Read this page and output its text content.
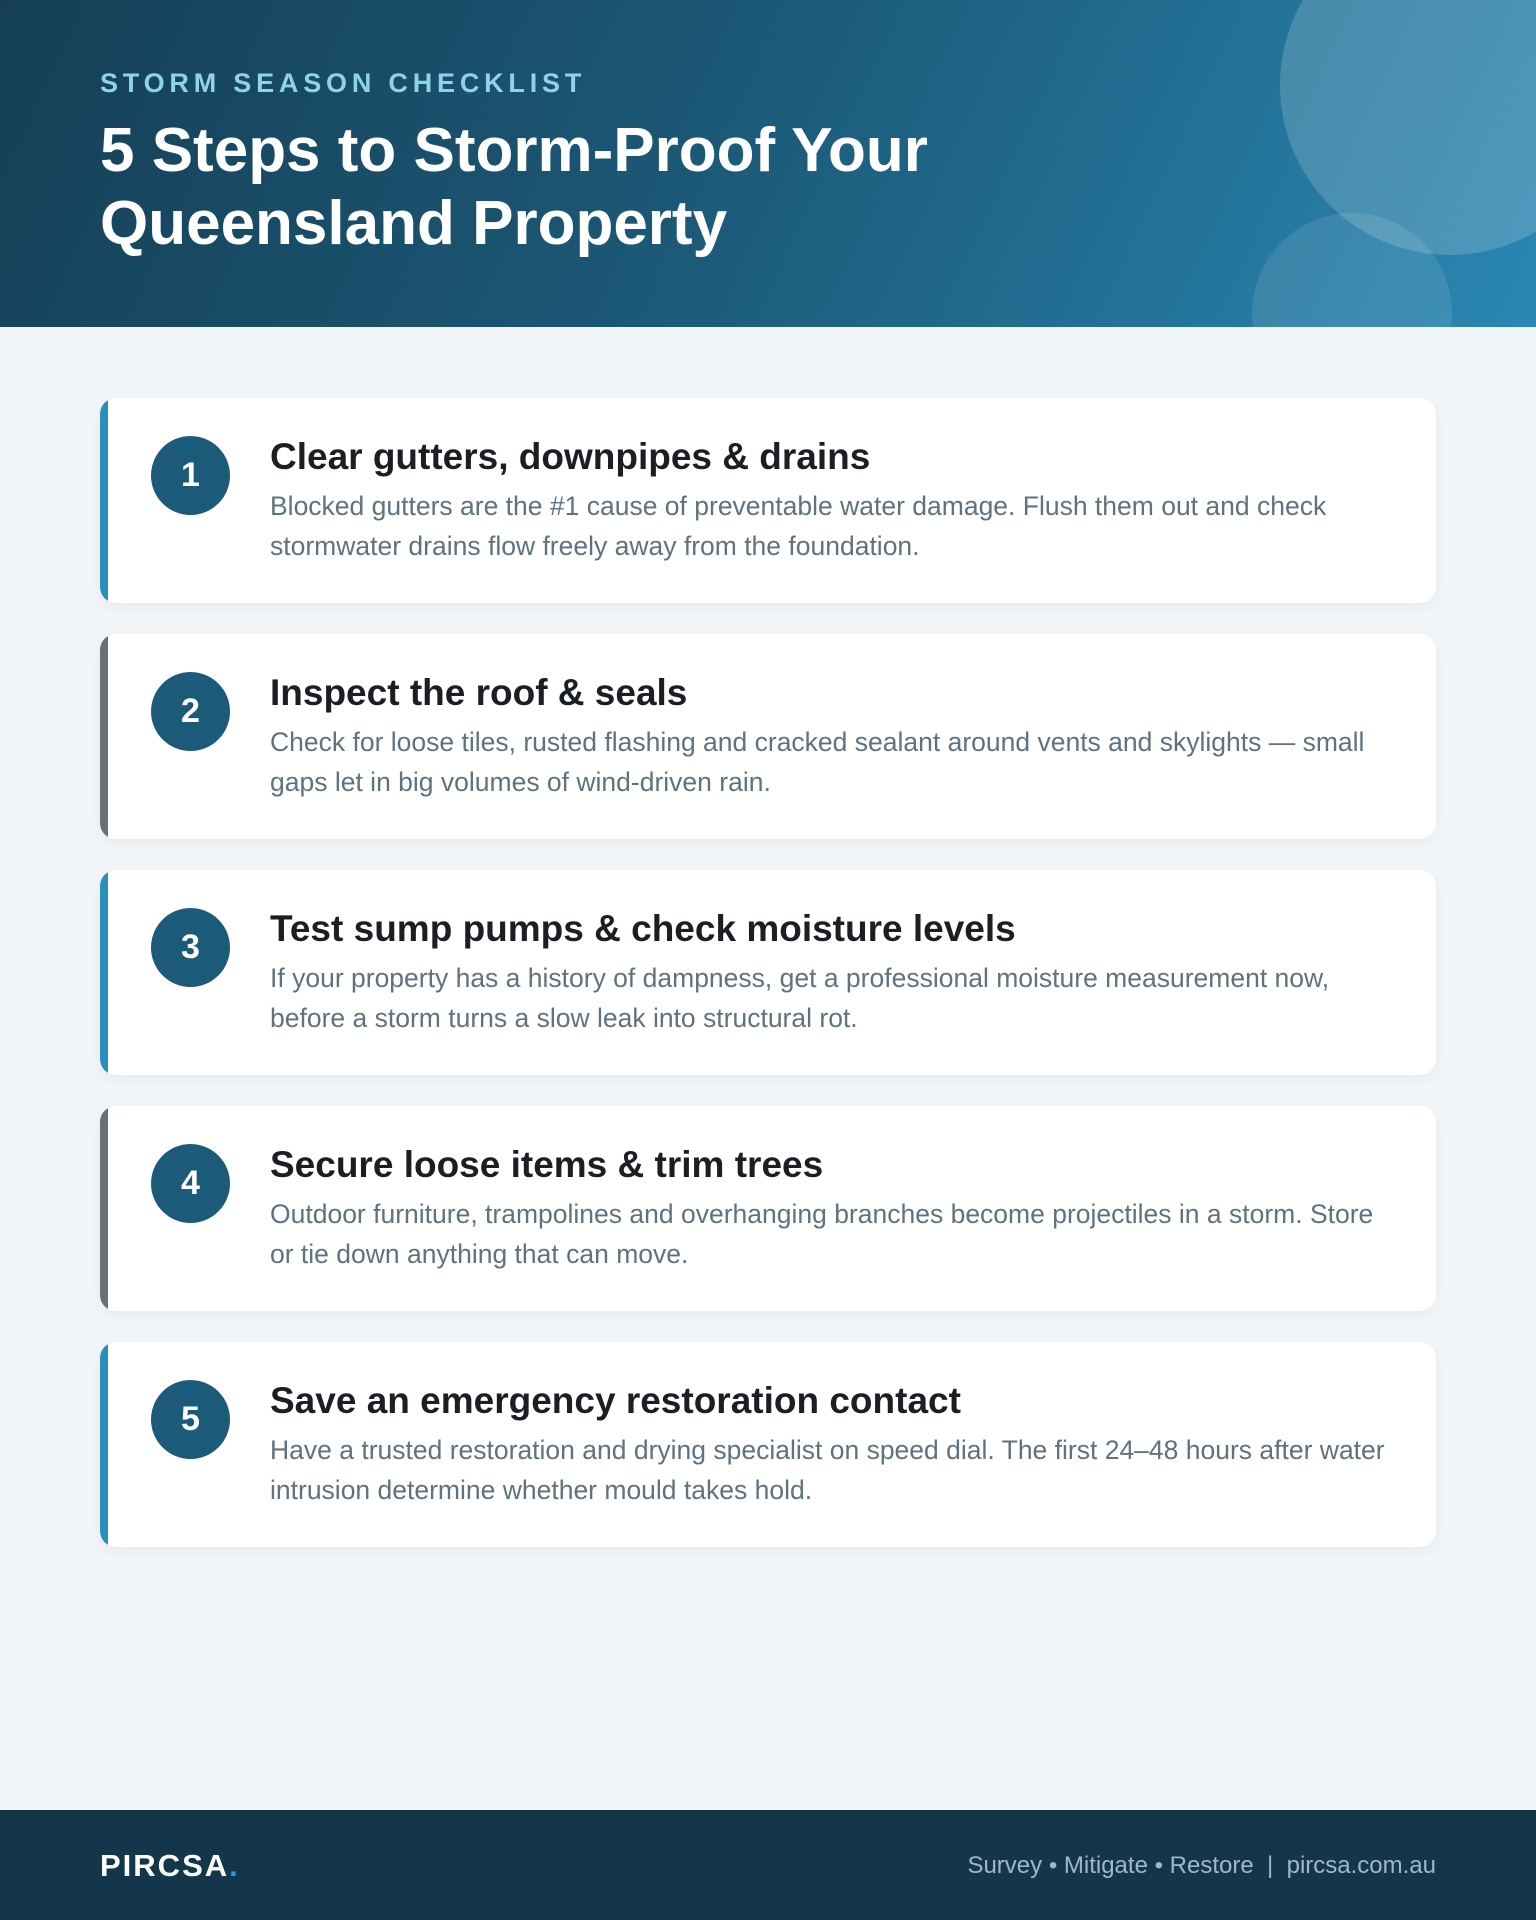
STORM SEASON CHECKLIST
5 Steps to Storm-Proof Your Queensland Property
1	Clear gutters, downpipes & drains
Blocked gutters are the #1 cause of preventable water damage. Flush them out and check stormwater drains flow freely away from the foundation.
2	Inspect the roof & seals
Check for loose tiles, rusted flashing and cracked sealant around vents and skylights — small gaps let in big volumes of wind-driven rain.
3	Test sump pumps & check moisture levels
If your property has a history of dampness, get a professional moisture measurement now, before a storm turns a slow leak into structural rot.
4	Secure loose items & trim trees
Outdoor furniture, trampolines and overhanging branches become projectiles in a storm. Store or tie down anything that can move.
5	Save an emergency restoration contact
Have a trusted restoration and drying specialist on speed dial. The first 24–48 hours after water intrusion determine whether mould takes hold.
PIRCSA.	Survey • Mitigate • Restore  |  pircsa.com.au
